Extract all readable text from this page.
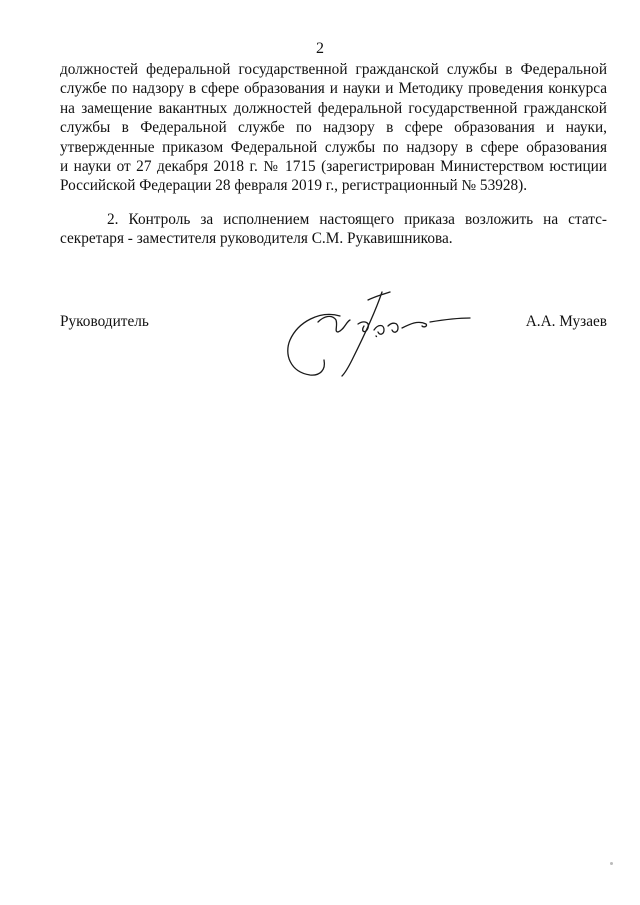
2
должностей федеральной государственной гражданской службы в Федеральной
службе по надзору в сфере образования и науки и Методику проведения конкурса
на замещение вакантных должностей федеральной государственной гражданской
службы в Федеральной службе по надзору в сфере образования и науки,
утвержденные приказом Федеральной службы по надзору в сфере образования
и науки от 27 декабря 2018 г. № 1715 (зарегистрирован Министерством юстиции
Российской Федерации 28 февраля 2019 г., регистрационный № 53928).
2. Контроль за исполнением настоящего приказа возложить на статс-
секретаря - заместителя руководителя С.М. Рукавишникова.
Руководитель	А.А. Музаев
